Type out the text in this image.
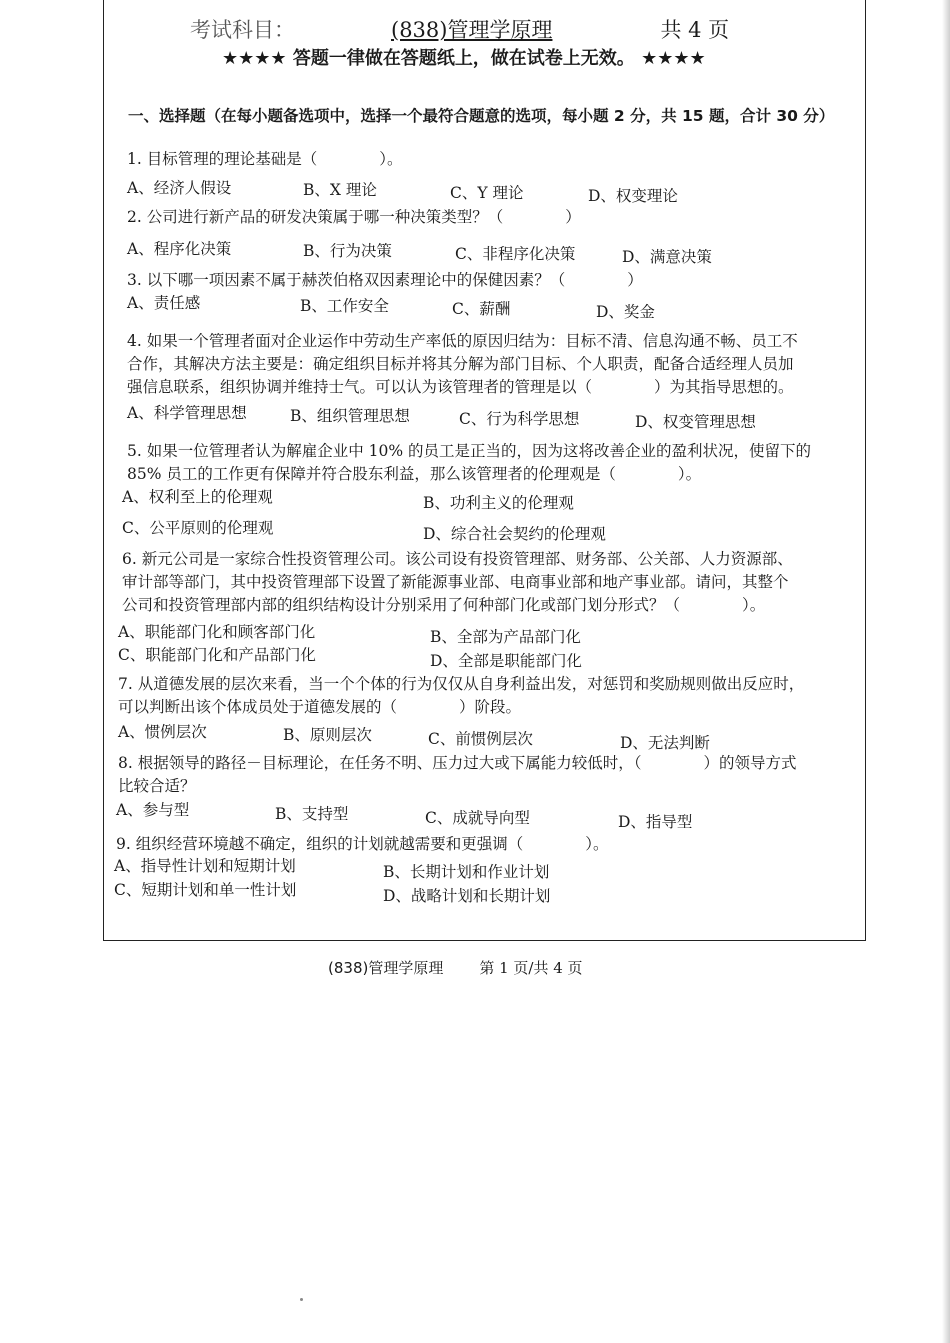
考试科目：	(838)管理学原理	共 4 页
★★★★ 答题一律做在答题纸上，做在试卷上无效。 ★★★★
一、选择题（在每小题备选项中，选择一个最符合题意的选项，每小题 2 分，共 15 题，合计 30 分）
1. 目标管理的理论基础是（　　　　）。
A、经济人假设	B、X 理论	C、Y 理论	D、权变理论
2. 公司进行新产品的研发决策属于哪一种决策类型？（　　　　）
A、程序化决策	B、行为决策	C、非程序化决策	D、满意决策
3. 以下哪一项因素不属于赫茨伯格双因素理论中的保健因素？（　　　　）
A、责任感	B、工作安全	C、薪酬	D、奖金
4. 如果一个管理者面对企业运作中劳动生产率低的原因归结为：目标不清、信息沟通不畅、员工不
合作，其解决方法主要是：确定组织目标并将其分解为部门目标、个人职责，配备合适经理人员加
强信息联系，组织协调并维持士气。可以认为该管理者的管理是以（　　　　）为其指导思想的。
A、科学管理思想	B、组织管理思想	C、行为科学思想	D、权变管理思想
5. 如果一位管理者认为解雇企业中 10% 的员工是正当的，因为这将改善企业的盈利状况，使留下的
85% 员工的工作更有保障并符合股东利益，那么该管理者的伦理观是（　　　　）。
A、权利至上的伦理观	B、功利主义的伦理观
C、公平原则的伦理观	D、综合社会契约的伦理观
6. 新元公司是一家综合性投资管理公司。该公司设有投资管理部、财务部、公关部、人力资源部、
审计部等部门，其中投资管理部下设置了新能源事业部、电商事业部和地产事业部。请问，其整个
公司和投资管理部内部的组织结构设计分别采用了何种部门化或部门划分形式？（　　　　）。
A、职能部门化和顾客部门化	B、全部为产品部门化
C、职能部门化和产品部门化	D、全部是职能部门化
7. 从道德发展的层次来看，当一个个体的行为仅仅从自身利益出发，对惩罚和奖励规则做出反应时，
可以判断出该个体成员处于道德发展的（　　　　）阶段。
A、惯例层次	B、原则层次	C、前惯例层次	D、无法判断
8. 根据领导的路径－目标理论，在任务不明、压力过大或下属能力较低时，（　　　　）的领导方式
比较合适？
A、参与型	B、支持型	C、成就导向型	D、指导型
9. 组织经营环境越不确定，组织的计划就越需要和更强调（　　　　）。
A、指导性计划和短期计划	B、长期计划和作业计划
C、短期计划和单一性计划	D、战略计划和长期计划
(838)管理学原理 第 1 页/共 4 页
